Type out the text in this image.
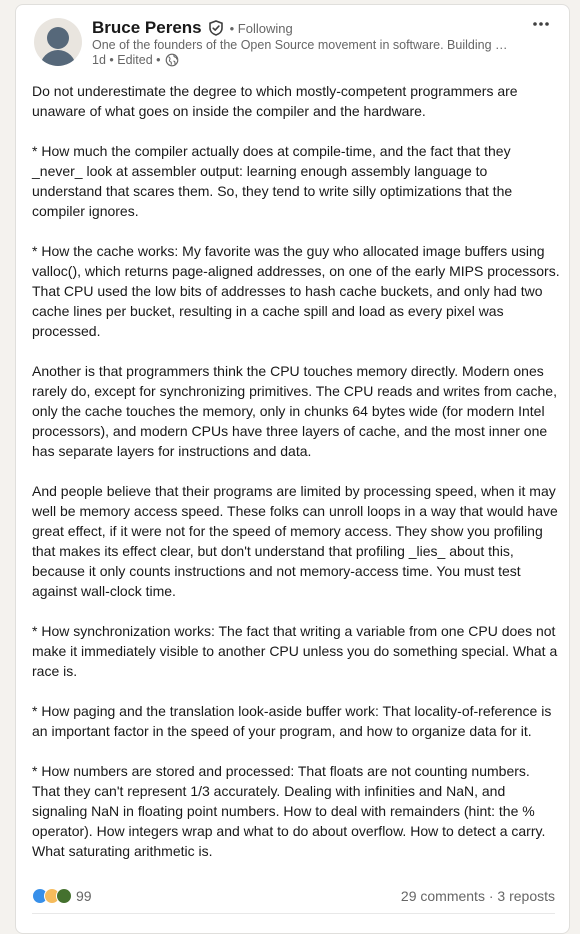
Bruce Perens • Following
One of the founders of the Open Source movement in software. Building …
1d • Edited •

Do not underestimate the degree to which mostly-competent programmers are unaware of what goes on inside the compiler and the hardware.

* How much the compiler actually does at compile-time, and the fact that they _never_ look at assembler output: learning enough assembly language to understand that scares them. So, they tend to write silly optimizations that the compiler ignores.

* How the cache works: My favorite was the guy who allocated image buffers using valloc(), which returns page-aligned addresses, on one of the early MIPS processors. That CPU used the low bits of addresses to hash cache buckets, and only had two cache lines per bucket, resulting in a cache spill and load as every pixel was processed.

Another is that programmers think the CPU touches memory directly. Modern ones rarely do, except for synchronizing primitives. The CPU reads and writes from cache, only the cache touches the memory, only in chunks 64 bytes wide (for modern Intel processors), and modern CPUs have three layers of cache, and the most inner one has separate layers for instructions and data.

And people believe that their programs are limited by processing speed, when it may well be memory access speed. These folks can unroll loops in a way that would have great effect, if it were not for the speed of memory access. They show you profiling that makes its effect clear, but don't understand that profiling _lies_ about this, because it only counts instructions and not memory-access time. You must test against wall-clock time.

* How synchronization works: The fact that writing a variable from one CPU does not make it immediately visible to another CPU unless you do something special. What a race is.

* How paging and the translation look-aside buffer work: That locality-of-reference is an important factor in the speed of your program, and how to organize data for it.

* How numbers are stored and processed: That floats are not counting numbers. That they can't represent 1/3 accurately. Dealing with infinities and NaN, and signaling NaN in floating point numbers. How to deal with remainders (hint: the % operator). How integers wrap and what to do about overflow. How to detect a carry. What saturating arithmetic is.

99	29 comments · 3 reposts
